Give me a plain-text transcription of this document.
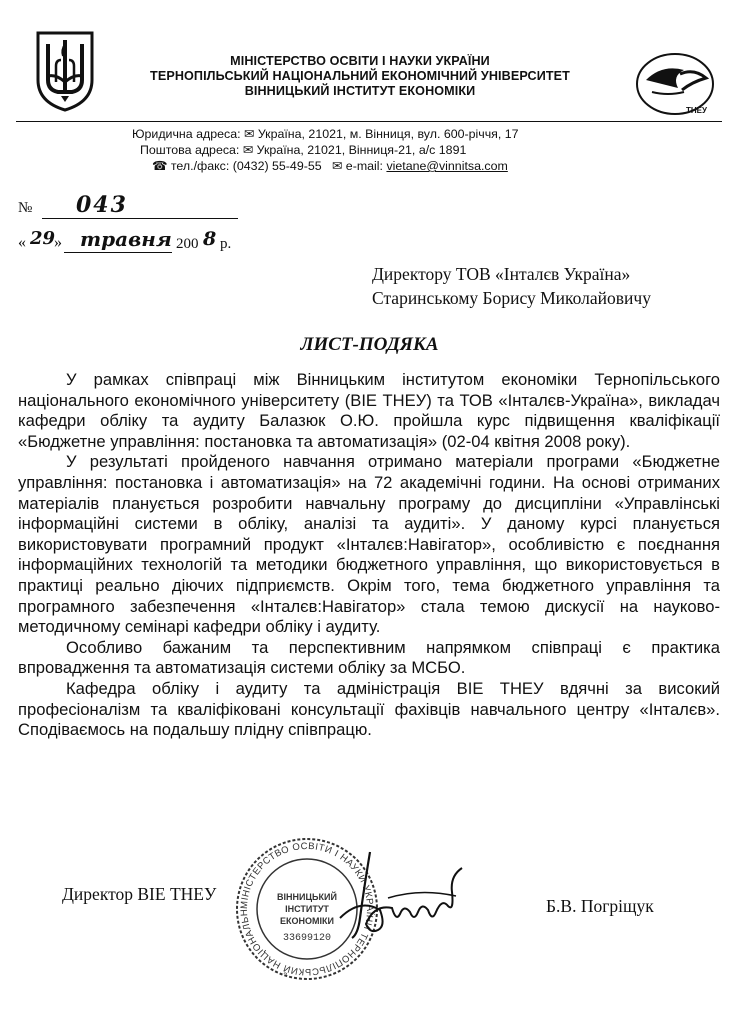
МІНІСТЕРСТВО ОСВІТИ І НАУКИ УКРАЇНИ
ТЕРНОПІЛЬСЬКИЙ НАЦІОНАЛЬНИЙ ЕКОНОМІЧНИЙ УНІВЕРСИТЕТ
ВІННИЦЬКИЙ ІНСТИТУТ ЕКОНОМІКИ
ТНЕУ
Юридична адреса: ✉ Україна, 21021, м. Вінниця, вул. 600-річчя, 17
Поштова адреса: ✉ Україна, 21021, Вінниця-21, а/с 1891
☎ тел./факс: (0432) 55-49-55 ✉ e-mail: vietane@vinnitsa.com
№ 043
« 29
» травня 200 8 р.
Директору ТОВ «Інталєв Україна»
Старинському Борису Миколайовичу
ЛИСТ-ПОДЯКА

У рамках співпраці між Вінницьким інститутом економіки Тернопільського національного економічного університету (ВІЕ ТНЕУ) та ТОВ «Інталєв-Україна», викладач кафедри обліку та аудиту Балазюк О.Ю. пройшла курс підвищення кваліфікації «Бюджетне управління: постановка та автоматизація» (02-04 квітня 2008 року).

У результаті пройденого навчання отримано матеріали програми «Бюджетне управління: постановка і автоматизація» на 72 академічні години. На основі отриманих матеріалів планується розробити навчальну програму до дисципліни «Управлінські інформаційні системи в обліку, аналізі та аудиті». У даному курсі планується використовувати програмний продукт «Інталєв:Навігатор», особливістю є поєднання інформаційних технологій та методики бюджетного управління, що використовується в практиці реально діючих підприємств. Окрім того, тема бюджетного управління та програмного забезпечення «Інталєв:Навігатор» стала темою дискусії на науково-методичному семінарі кафедри обліку і аудиту.

Особливо бажаним та перспективним напрямком співпраці є практика впровадження та автоматизація системи обліку за МСБО.

Кафедра обліку і аудиту та адміністрація ВІЕ ТНЕУ вдячні за високий професіоналізм та кваліфіковані консультації фахівців навчального центру «Інталєв». Сподіваємось на подальшу плідну співпрацю.

Директор ВІЕ ТНЕУ
Б.В. Погріщук
МІНІСТЕРСТВО ОСВІТИ І НАУКИ УКРАЇНИ ТЕРНОПІЛЬСЬКИЙ НАЦІОНАЛЬН
ВІННИЦЬКИЙ
ІНСТИТУТ
ЕКОНОМІКИ
33699120
